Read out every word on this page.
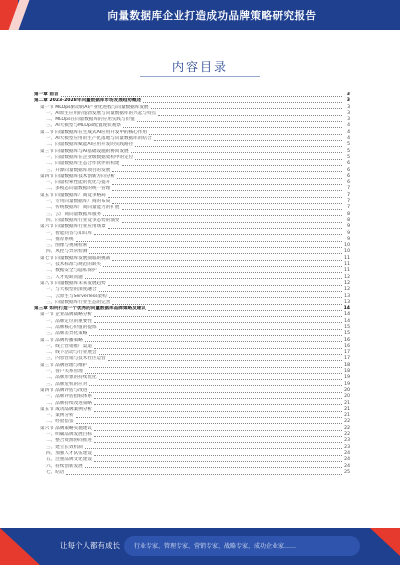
向量数据库企业打造成功品牌策略研究报告
内容目录
第一章 前言	3
第二章 2023-2028年向量数据库市场发展趋势概述	3
第一节 MLOps驱动的AI产业化进程与向量数据库发展	3
一、AI原生应用的蓬勃发展与向量数据库的兴起与特点	3
二、MLOps在向量数据库的应用实践与价值	3
三、AI大模型与MLOps配置现状观察	4
第二节 向量数据库在生成式AI应用开发中的核心作用	4
一、AI大模型应用的生产化落地与向量数据库的结合	4
二、向量数据库赋能AI应用开发的实践路径	5
第三节 向量数据库与AI基础设施的协同发展	5
一、向量数据库在企业级数据架构中的定位	5
二、向量数据库生态合作伙伴的构建	6
三、开源向量数据库项目的发展	6
第四节 向量数据库技术创新方向分析	6
一、向量检索性能的优化与提升	6
二、多模态向量数据的统一管理	7
第五节 向量数据库厂商竞争格局	7
一、专用向量数据库厂商的布局	7
二、传统数据库厂商向量能力的扩展	7
三、云厂商向量数据库服务	8
四、向量数据库行业竞争态势的演变	8
第六节 向量数据库行业应用场景	9
一、智能问答与知识库	9
二、推荐系统	9
三、图像与视频检索	10
四、风控与异常检测	10
第七节 向量数据库发展面临的挑战	11
一、技术标准与规范的缺失	11
二、数据安全与隐私保护	11
三、人才短缺问题	12
第八节 向量数据库未来发展趋势	12
一、与大模型的深度融合	12
二、云原生与Serverless架构	13
三、向量数据库行业生态的完善	13
第三章 如何打造一个优秀的向量数据库品牌策略及建议	14
第一节 企业品牌战略分析	14
一、品牌定位的重要性	14
二、品牌核心价值的提炼	15
三、品牌差异化策略	15
第二节 品牌传播策略	16
一、线上营销推广渠道	16
二、线下活动与行业展会	17
三、内容营销与技术社区运营	17
第三节 品牌管理与维护	18
一、客户关系管理	18
二、品牌形象的持续优化	19
三、品牌危机的应对	19
第四节 品牌评估与改进	20
一、品牌评估指标体系	20
二、品牌持续改进策略	21
第五节 成功品牌案例分析	21
一、案例分析	21
二、经验借鉴	22
第六节 品牌策略实施建议	22
一、明确品牌发展目标	22
二、整合资源协同推进	23
三、建立长效机制	23
四、加强人才队伍建设	24
五、注重品牌文化建设	24
六、持续创新发展	24
七、结语	25
让每个人都有成长 行业专家、管理专家、营销专家、战略专家、成功企业家……
